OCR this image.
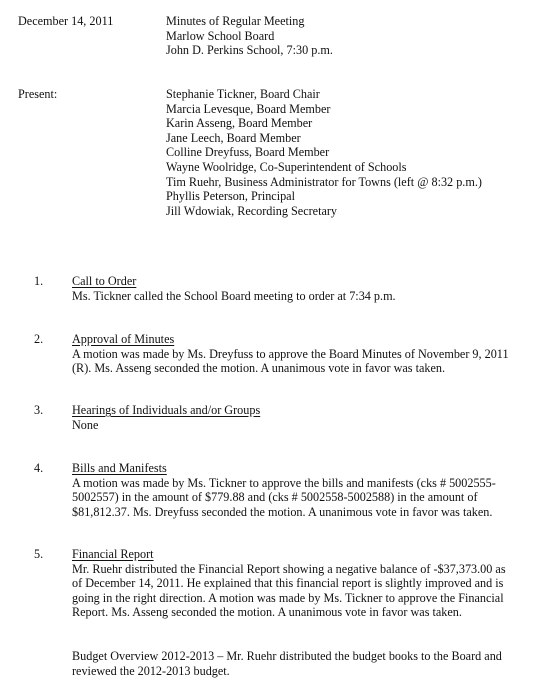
December 14, 2011	Minutes of Regular Meeting
Marlow School Board
John D. Perkins School, 7:30 p.m.
Present:	Stephanie Tickner, Board Chair
Marcia Levesque, Board Member
Karin Asseng, Board Member
Jane Leech, Board Member
Colline Dreyfuss, Board Member
Wayne Woolridge, Co-Superintendent of Schools
Tim Ruehr, Business Administrator for Towns (left @ 8:32 p.m.)
Phyllis Peterson, Principal
Jill Wdowiak, Recording Secretary
1. Call to Order
Ms. Tickner called the School Board meeting to order at 7:34 p.m.
2. Approval of Minutes
A motion was made by Ms. Dreyfuss to approve the Board Minutes of November 9, 2011
(R). Ms. Asseng seconded the motion. A unanimous vote in favor was taken.
3. Hearings of Individuals and/or Groups
None
4. Bills and Manifests
A motion was made by Ms. Tickner to approve the bills and manifests (cks # 5002555-
5002557) in the amount of $779.88 and (cks # 5002558-5002588) in the amount of
$81,812.37. Ms. Dreyfuss seconded the motion. A unanimous vote in favor was taken.
5. Financial Report
Mr. Ruehr distributed the Financial Report showing a negative balance of -$37,373.00 as
of December 14, 2011. He explained that this financial report is slightly improved and is
going in the right direction. A motion was made by Ms. Tickner to approve the Financial
Report. Ms. Asseng seconded the motion. A unanimous vote in favor was taken.
Budget Overview 2012-2013 – Mr. Ruehr distributed the budget books to the Board and
reviewed the 2012-2013 budget.
